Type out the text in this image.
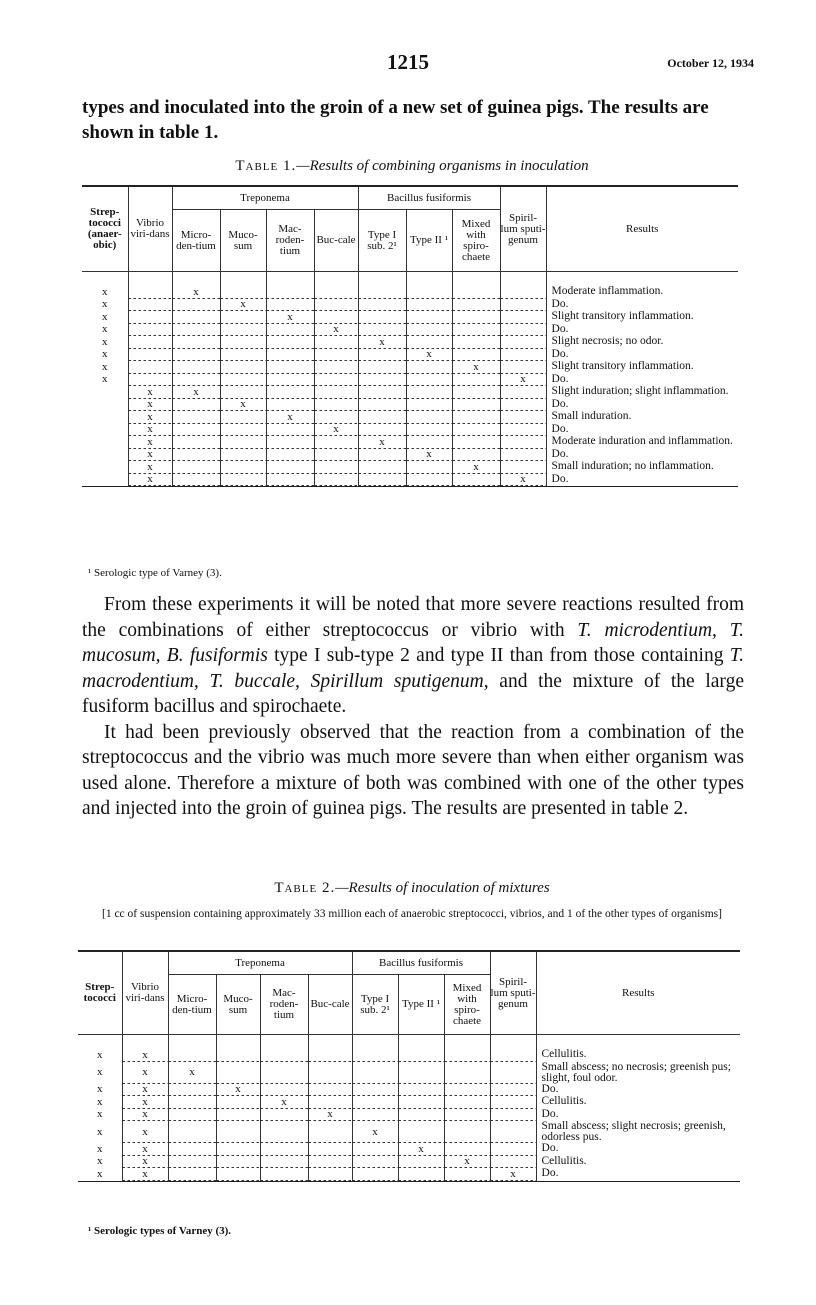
1215	October 12, 1934
types and inoculated into the groin of a new set of guinea pigs. The results are shown in table 1.
Table 1.—Results of combining organisms in inoculation
Strep-tococci (anaer-obic)	Vibrio viri-dans	Treponema				Bacillus fusiformis			Spiril-lum sputi-genum	Results
		Micro-den-tium	Muco-sum	Mac-roden-tium	Buc-cale	Type I sub. 2¹	Type II ¹	Mixed with spiro-chaete		
x		x								Moderate inflammation.
x			x							Do.
x				x						Slight transitory inflammation.
x					x					Do.
x						x				Slight necrosis; no odor.
x							x			Do.
x								x		Slight transitory inflammation.
x									x	Do.
	x	x								Slight induration; slight inflammation.
	x		x							Do.
	x			x						Small induration.
	x				x					Do.
	x					x				Moderate induration and inflammation.
	x						x			Do.
	x							x		Small induration; no inflammation.
	x								x	Do.
¹ Serologic type of Varney (3).

From these experiments it will be noted that more severe reactions resulted from the combinations of either streptococcus or vibrio with T. microdentium, T. mucosum, B. fusiformis type I sub-type 2 and type II than from those containing T. macrodentium, T. buccale, Spirillum sputigenum, and the mixture of the large fusiform bacillus and spirochaete.

It had been previously observed that the reaction from a combination of the streptococcus and the vibrio was much more severe than when either organism was used alone. Therefore a mixture of both was combined with one of the other types and injected into the groin of guinea pigs. The results are presented in table 2.

Table 2.—Results of inoculation of mixtures
[1 cc of suspension containing approximately 33 million each of anaerobic streptococci, vibrios, and 1 of the other types of organisms]
Strep-tococci	Vibrio viri-dans	Treponema				Bacillus fusiformis			Spiril-lum sputi-genum	Results
		Micro-den-tium	Muco-sum	Mac-roden-tium	Buc-cale	Type I sub. 2¹	Type II ¹	Mixed with spiro-chaete		
x	x									Cellulitis.
x	x	x								Small abscess; no necrosis; greenish pus; slight, foul odor.
x	x		x							Do.
x	x			x						Cellulitis.
x	x				x					Do.
x	x					x				Small abscess; slight necrosis; greenish, odorless pus.
x	x						x			Do.
x	x							x		Cellulitis.
x	x								x	Do.
¹ Serologic types of Varney (3).
